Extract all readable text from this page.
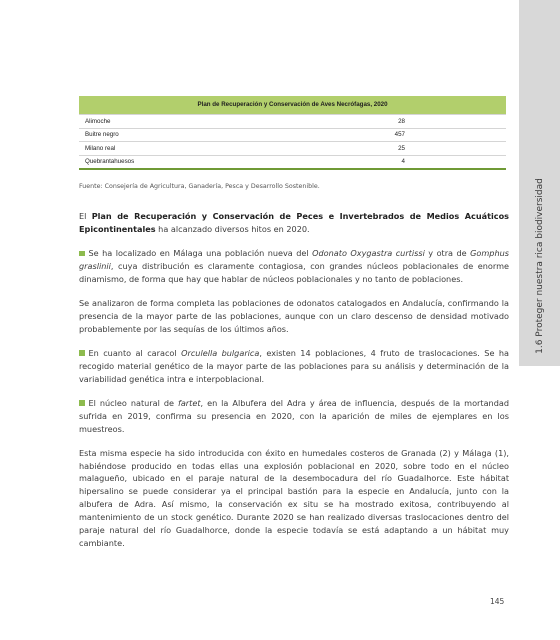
Plan de Recuperación y Conservación de Aves Necrófagas, 2020
Alimoche	28
Buitre negro	457
Milano real	25
Quebrantahuesos	4
Fuente: Consejería de Agricultura, Ganadería, Pesca y Desarrollo Sostenible.

El Plan de Recuperación y Conservación de Peces e Invertebrados de Medios Acuáticos Epicontinentales ha alcanzado diversos hitos en 2020.

Se ha localizado en Málaga una población nueva del Odonato Oxygastra curtissi y otra de Gomphus graslinii, cuya distribución es claramente contagiosa, con grandes núcleos poblacionales de enorme dinamismo, de forma que hay que hablar de núcleos poblacionales y no tanto de poblaciones.

Se analizaron de forma completa las poblaciones de odonatos catalogados en Andalucía, confirmando la presencia de la mayor parte de las poblaciones, aunque con un claro descenso de densidad motivado probablemente por las sequías de los últimos años.

En cuanto al caracol Orculella bulgarica, existen 14 poblaciones, 4 fruto de traslocaciones. Se ha recogido material genético de la mayor parte de las poblaciones para su análisis y determinación de la variabilidad genética intra e interpoblacional.

El núcleo natural de fartet, en la Albufera del Adra y área de influencia, después de la mortandad sufrida en 2019, confirma su presencia en 2020, con la aparición de miles de ejemplares en los muestreos.

Esta misma especie ha sido introducida con éxito en humedales costeros de Granada (2) y Málaga (1), habiéndose producido en todas ellas una explosión poblacional en 2020, sobre todo en el núcleo malagueño, ubicado en el paraje natural de la desembocadura del río Guadalhorce. Este hábitat hipersalino se puede considerar ya el principal bastión para la especie en Andalucía, junto con la albufera de Adra. Así mismo, la conservación ex situ se ha mostrado exitosa, contribuyendo al mantenimiento de un stock genético. Durante 2020 se han realizado diversas traslocaciones dentro del paraje natural del río Guadalhorce, donde la especie todavía se está adaptando a un hábitat muy cambiante.

1.6 Proteger nuestra rica biodiversidad
145
